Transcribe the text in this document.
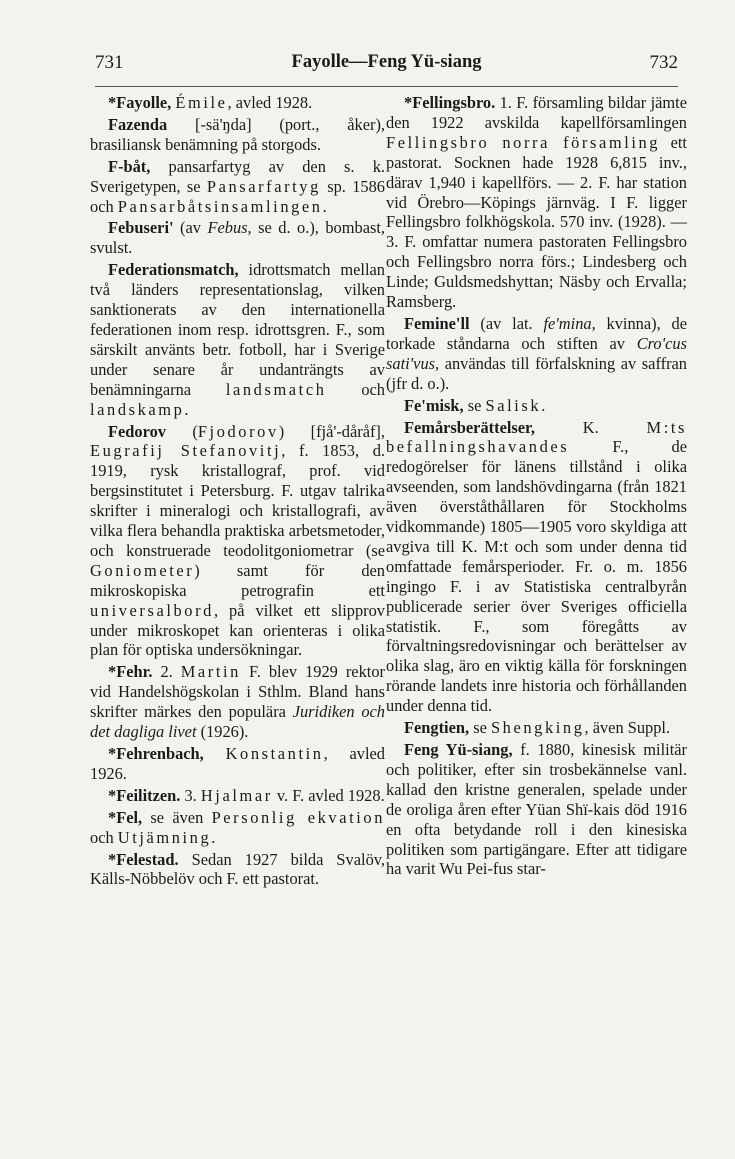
731	Fayolle—Feng Yü-siang	732

*Fayolle, Émile, avled 1928.

Fazenda [-sä'ŋda] (port., åker), brasiliansk benämning på storgods.

F-båt, pansarfartyg av den s. k. Sverigetypen, se Pansarfartyg sp. 1586 och Pansarbåtsinsamlingen.

Febuseri' (av Febus, se d. o.), bombast, svulst.

Federationsmatch, idrottsmatch mellan två länders representationslag, vilken sanktionerats av den internationella federationen inom resp. idrottsgren. F., som särskilt använts betr. fotboll, har i Sverige under senare år undanträngts av benämningarna landsmatch och landskamp.

Fedorov (Fjodorov) [fjå'-dåråf], Eugrafij Stefanovitj, f. 1853, d. 1919, rysk kristallograf, prof. vid bergsinstitutet i Petersburg. F. utgav talrika skrifter i mineralogi och kristallografi, av vilka flera behandla praktiska arbetsmetoder, och konstruerade teodolitgoniometrar (se Goniometer) samt för den mikroskopiska petrografin ett universalbord, på vilket ett slipprov under mikroskopet kan orienteras i olika plan för optiska undersökningar.

*Fehr. 2. Martin F. blev 1929 rektor vid Handelshögskolan i Sthlm. Bland hans skrifter märkes den populära Juridiken och det dagliga livet (1926).

*Fehrenbach, Konstantin, avled 1926.

*Feilitzen. 3. Hjalmar v. F. avled 1928.

*Fel, se även Personlig ekvation och Utjämning.

*Felestad. Sedan 1927 bilda Svalöv, Källs-Nöbbelöv och F. ett pastorat.

*Fellingsbro. 1. F. församling bildar jämte den 1922 avskilda kapellförsamlingen Fellingsbro norra församling ett pastorat. Socknen hade 1928 6,815 inv., därav 1,940 i kapellförs. — 2. F. har station vid Örebro—Köpings järnväg. I F. ligger Fellingsbro folkhögskola. 570 inv. (1928). — 3. F. omfattar numera pastoraten Fellingsbro och Fellingsbro norra förs.; Lindesberg och Linde; Guldsmedshyttan; Näsby och Ervalla; Ramsberg.

Femine'll (av lat. fe'mina, kvinna), de torkade ståndarna och stiften av Cro'cus sati'vus, användas till förfalskning av saffran (jfr d. o.).

Fe'misk, se Salisk.

Femårsberättelser, K. M:ts befallningshavandes F., de redogörelser för länens tillstånd i olika avseenden, som landshövdingarna (från 1821 även överståthållaren för Stockholms vidkommande) 1805—1905 voro skyldiga att avgiva till K. M:t och som under denna tid omfattade femårsperioder. Fr. o. m. 1856 ingingo F. i av Statistiska centralbyrån publicerade serier över Sveriges officiella statistik. F., som föregåtts av förvaltningsredovisningar och berättelser av olika slag, äro en viktig källa för forskningen rörande landets inre historia och förhållanden under denna tid.

Fengtien, se Shengking, även Suppl.

Feng Yü-siang, f. 1880, kinesisk militär och politiker, efter sin trosbekännelse vanl. kallad den kristne generalen, spelade under de oroliga åren efter Yüan Shï-kais död 1916 en ofta betydande roll i den kinesiska politiken som partigängare. Efter att tidigare ha varit Wu Pei-fus star-
